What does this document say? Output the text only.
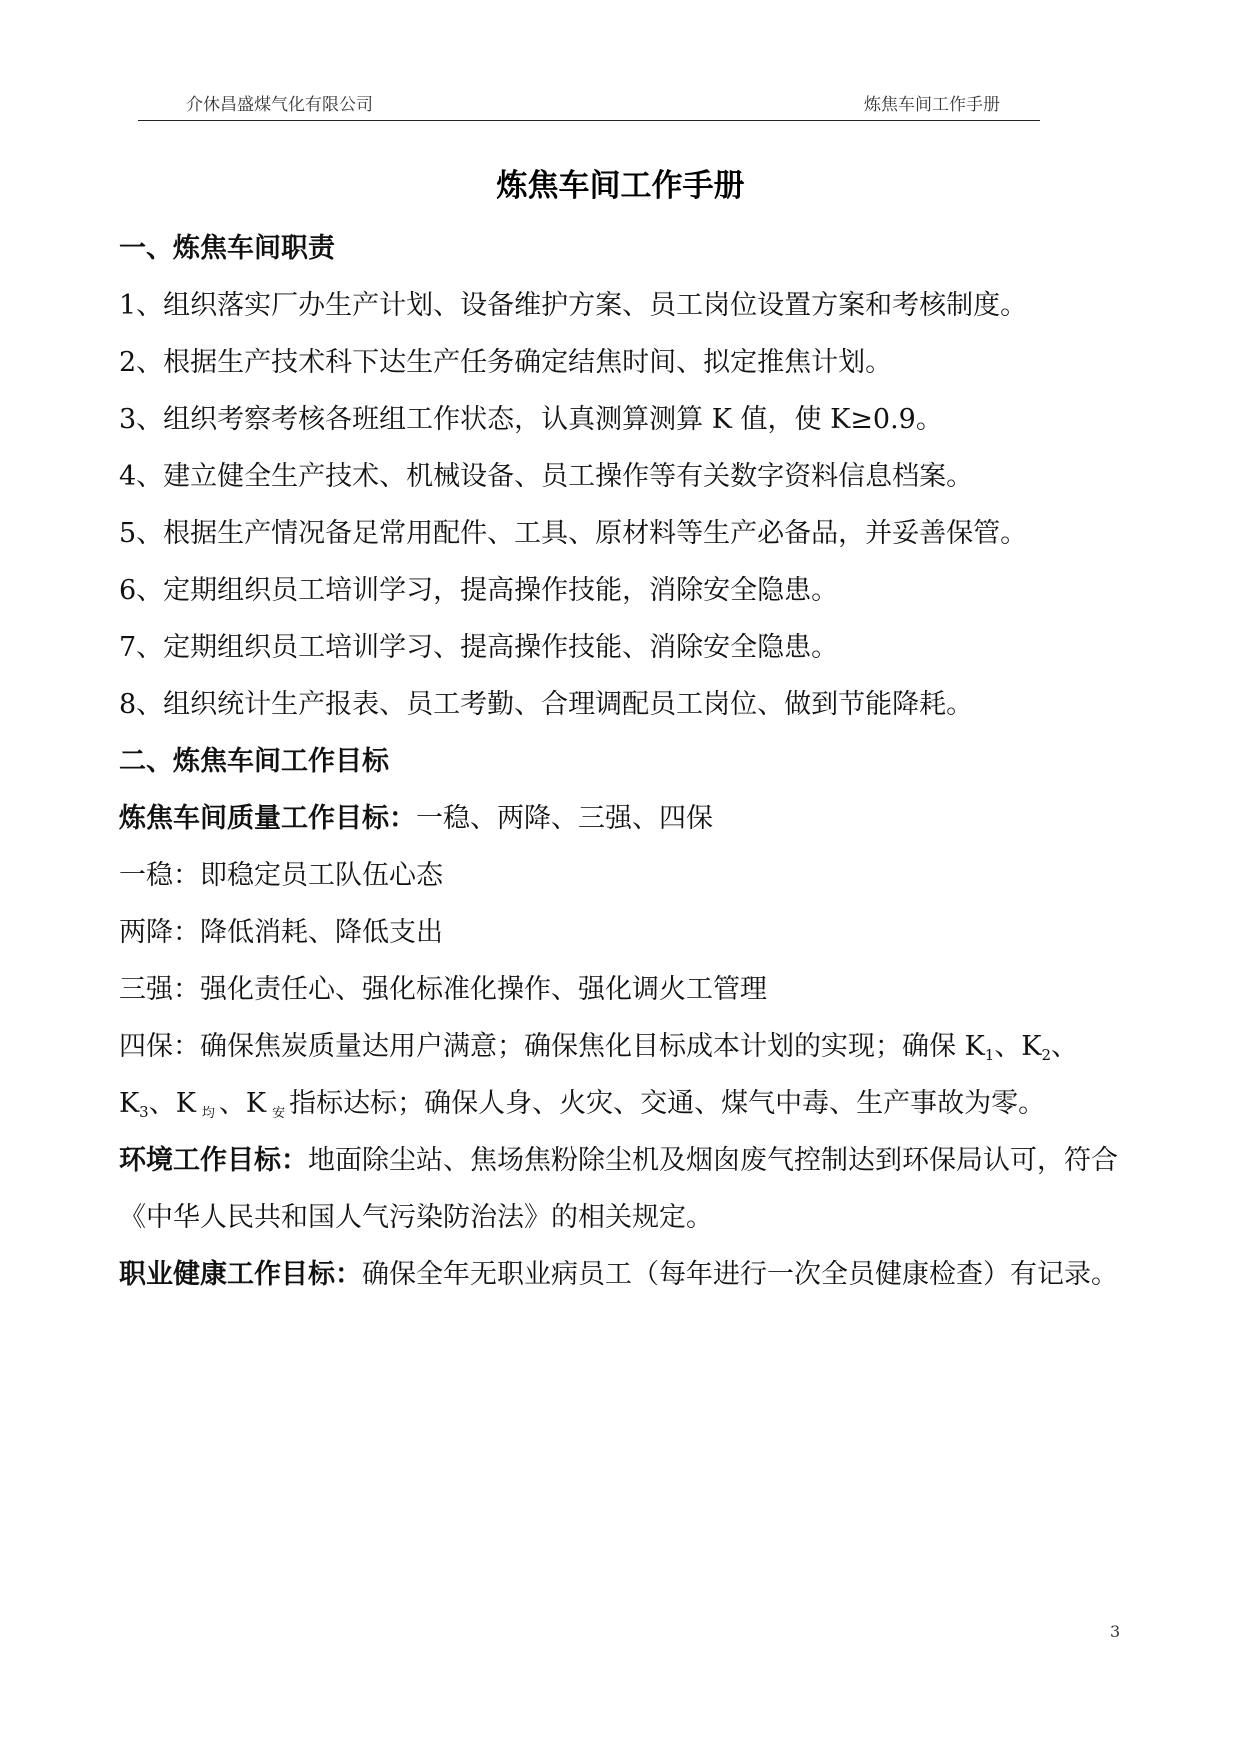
介休昌盛煤气化有限公司	炼焦车间工作手册
炼焦车间工作手册
一、炼焦车间职责
1、组织落实厂办生产计划、设备维护方案、员工岗位设置方案和考核制度。
2、根据生产技术科下达生产任务确定结焦时间、拟定推焦计划。
3、组织考察考核各班组工作状态，认真测算测算 K 值，使 K≥0.9。
4、建立健全生产技术、机械设备、员工操作等有关数字资料信息档案。
5、根据生产情况备足常用配件、工具、原材料等生产必备品，并妥善保管。
6、定期组织员工培训学习，提高操作技能，消除安全隐患。
7、定期组织员工培训学习、提高操作技能、消除安全隐患。
8、组织统计生产报表、员工考勤、合理调配员工岗位、做到节能降耗。
二、炼焦车间工作目标
炼焦车间质量工作目标：一稳、两降、三强、四保
一稳：即稳定员工队伍心态
两降：降低消耗、降低支出
三强：强化责任心、强化标准化操作、强化调火工管理
四保：确保焦炭质量达用户满意；确保焦化目标成本计划的实现；确保 $K_1$、$K_2$、
$K_3$、K 均 、K 安 指标达标；确保人身、火灾、交通、煤气中毒、生产事故为零。
环境工作目标：地面除尘站、焦场焦粉除尘机及烟囱废气控制达到环保局认可，符合《中华人民共和国人气污染防治法》的相关规定。
职业健康工作目标：确保全年无职业病员工（每年进行一次全员健康检查）有记录。
3
